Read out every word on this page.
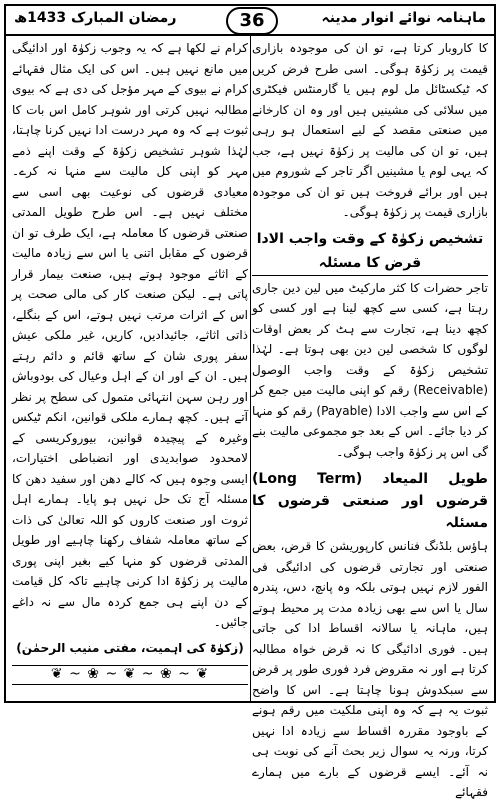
ماہنامہ نوائے انوار مدینہ
36
رمضان المبارک 1433ھ

کا کاروبار کرتا ہے، تو ان کی موجودہ بازاری قیمت پر زکوٰۃ ہوگی۔ اسی طرح فرض کریں کہ ٹیکسٹائل مل لوم ہیں یا گارمنٹس فیکٹری میں سلائی کی مشینیں ہیں اور وہ ان کارخانے میں صنعتی مقصد کے لیے استعمال ہو رہی ہیں، تو ان کی مالیت پر زکوٰۃ نہیں ہے، جب کہ یہی لوم یا مشینیں اگر تاجر کے شوروم میں ہیں اور برائے فروخت ہیں تو ان کی موجودہ بازاری قیمت پر زکوٰۃ ہوگی۔

تشخیص زکوٰۃ کے وقت واجب الادا قرض کا مسئلہ

تاجر حضرات کا کثر مارکیٹ میں لین دین جاری رہتا ہے، کسی سے کچھ لینا ہے اور کسی کو کچھ دینا ہے، تجارت سے ہٹ کر بعض اوقات لوگوں کا شخصی لین دین بھی ہوتا ہے۔ لہٰذا تشخیص زکوٰۃ کے وقت واجب الوصول (Receivable) رقم کو اپنی مالیت میں جمع کر کے اس سے واجب الادا (Payable) رقم کو منہا کر دیا جائے۔ اس کے بعد جو مجموعی مالیت بنے گی اس پر زکوٰۃ واجب ہوگی۔

طویل المیعاد (Long Term) قرضوں اور صنعتی قرضوں کا مسئلہ

ہاؤس بلڈنگ فنانس کارپوریشن کا قرض، بعض صنعتی اور تجارتی قرضوں کی ادائیگی فی الفور لازم نہیں ہوتی بلکہ وہ پانچ، دس، پندرہ سال یا اس سے بھی زیادہ مدت پر محیط ہوتے ہیں، ماہانہ یا سالانہ اقساط ادا کی جاتی ہیں۔ فوری ادائیگی کا نہ قرض خواہ مطالبہ کرتا ہے اور نہ مقروض فرد فوری طور پر قرض سے سبکدوش ہونا چاہتا ہے۔ اس کا واضح ثبوت یہ ہے کہ وہ اپنی ملکیت میں رقم ہونے کے باوجود مقررہ اقساط سے زیادہ ادا نہیں کرتا، ورنہ یہ سوال زیر بحث آنے کی نوبت ہی نہ آئے۔ ایسے قرضوں کے بارے میں ہمارے فقہائے

کرام نے لکھا ہے کہ یہ وجوب زکوٰۃ اور ادائیگی میں مانع نہیں ہیں۔ اس کی ایک مثال فقہائے کرام نے بیوی کے مہر مؤجل کی دی ہے کہ بیوی مطالبہ نہیں کرتی اور شوہر کامل اس بات کا ثبوت ہے کہ وہ مہر درست ادا نہیں کرنا چاہتا، لہٰذا شوہر تشخیص زکوٰۃ کے وقت اپنے ذمے مہر کو اپنی کل مالیت سے منہا نہ کرے۔ معیادی قرضوں کی نوعیت بھی اسی سے مختلف نہیں ہے۔ اس طرح طویل المدتی صنعتی قرضوں کا معاملہ ہے، ایک طرف تو ان قرضوں کے مقابل اتنی یا اس سے زیادہ مالیت کے اثاثے موجود ہوتے ہیں، صنعت بیمار قرار پاتی ہے۔ لیکن صنعت کار کی مالی صحت پر اس کے اثرات مرتب نہیں ہوتے، اس کے بنگلے، ذاتی اثاثے، جائیدادیں، کاریں، غیر ملکی عیش سفر پوری شان کے ساتھ قائم و دائم رہتے ہیں۔ ان کے اور ان کے اہل وعیال کی بودوباش اور رہن سہن انتہائی متمول کی سطح پر نظر آتے ہیں۔ کچھ ہمارے ملکی قوانین، انکم ٹیکس وغیرہ کے پیچیدہ قوانین، بیوروکریسی کے لامحدود صوابدیدی اور انضباطی اختیارات، ایسی وجوہ ہیں کہ کالے دھن اور سفید دھن کا مسئلہ آج تک حل نہیں ہو پایا۔ ہمارے اہل ثروت اور صنعت کاروں کو اللہ تعالیٰ کی ذات کے ساتھ معاملہ شفاف رکھنا چاہیے اور طویل المدتی قرضوں کو منہا کیے بغیر اپنی پوری مالیت پر زکوٰۃ ادا کرنی چاہیے تاکہ کل قیامت کے دن اپنے ہی جمع کردہ مال سے نہ داغے جائیں۔

(زکوٰۃ کی اہمیت، مفتی منیب الرحمٰن)
❦ ~ ❀ ~ ❦ ~ ❀ ~ ❦
